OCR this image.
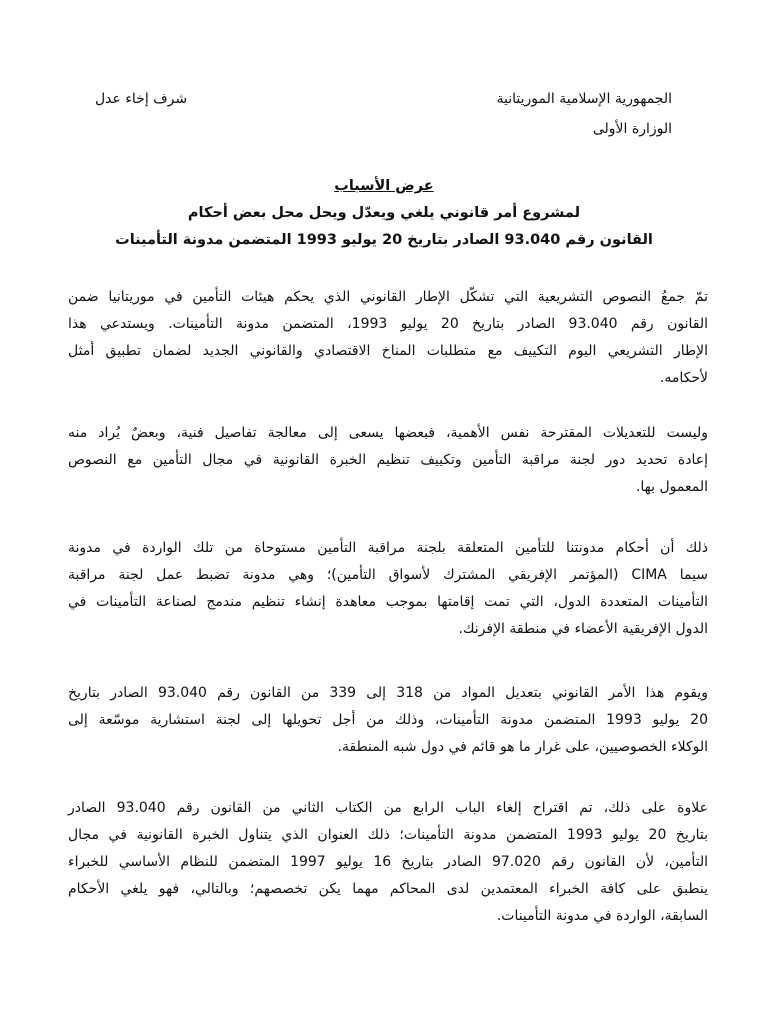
الجمهورية الإسلامية الموريتانية
شرف إخاء عدل
الوزارة الأولى
عرض الأسباب
لمشروع أمر قانوني يلغي ويعدّل ويحل محل بعض أحكام
القانون رقم 93.040 الصادر بتاريخ 20 يوليو 1993 المتضمن مدونة التأمينات
تمّ جمعُ النصوص التشريعية التي تشكّل الإطار القانوني الذي يحكم هيئات التأمين في موريتانيا ضمن
القانون رقم 93.040 الصادر بتاريخ 20 يوليو 1993، المتضمن مدونة التأمينات. ويستدعي هذا
الإطار التشريعي اليوم التكييف مع متطلبات المناخ الاقتصادي والقانوني الجديد لضمان تطبيق أمثل
لأحكامه.
وليست للتعديلات المقترحة نفس الأهمية، فبعضها يسعى إلى معالجة تفاصيل فنية، وبعضٌ يُراد منه
إعادة تحديد دور لجنة مراقبة التأمين وتكييف تنظيم الخبرة القانونية في مجال التأمين مع النصوص
المعمول بها.
ذلك أن أحكام مدونتنا للتأمين المتعلقة بلجنة مراقبة التأمين مستوحاة من تلك الواردة في مدونة
سيما CIMA (المؤتمر الإفريقي المشترك لأسواق التأمين)؛ وهي مدونة تضبط عمل لجنة مراقبة
التأمينات المتعددة الدول، التي تمت إقامتها بموجب معاهدة إنشاء تنظيم مندمج لصناعة التأمينات في
الدول الإفريقية الأعضاء في منطقة الإفرنك.
ويقوم هذا الأمر القانوني بتعديل المواد من 318 إلى 339 من القانون رقم 93.040 الصادر بتاريخ
20 يوليو 1993 المتضمن مدونة التأمينات، وذلك من أجل تحويلها إلى لجنة استشارية موسّعة إلى
الوكلاء الخصوصيين، على غرار ما هو قائم في دول شبه المنطقة.
علاوة على ذلك، تم اقتراح إلغاء الباب الرابع من الكتاب الثاني من القانون رقم 93.040 الصادر
بتاريخ 20 يوليو 1993 المتضمن مدونة التأمينات؛ ذلك العنوان الذي يتناول الخبرة القانونية في مجال
التأمين، لأن القانون رقم 97.020 الصادر بتاريخ 16 يوليو 1997 المتضمن للنظام الأساسي للخبراء
ينطبق على كافة الخبراء المعتمدين لدى المحاكم مهما يكن تخصصهم؛ وبالتالي، فهو يلغي الأحكام
السابقة، الواردة في مدونة التأمينات.
